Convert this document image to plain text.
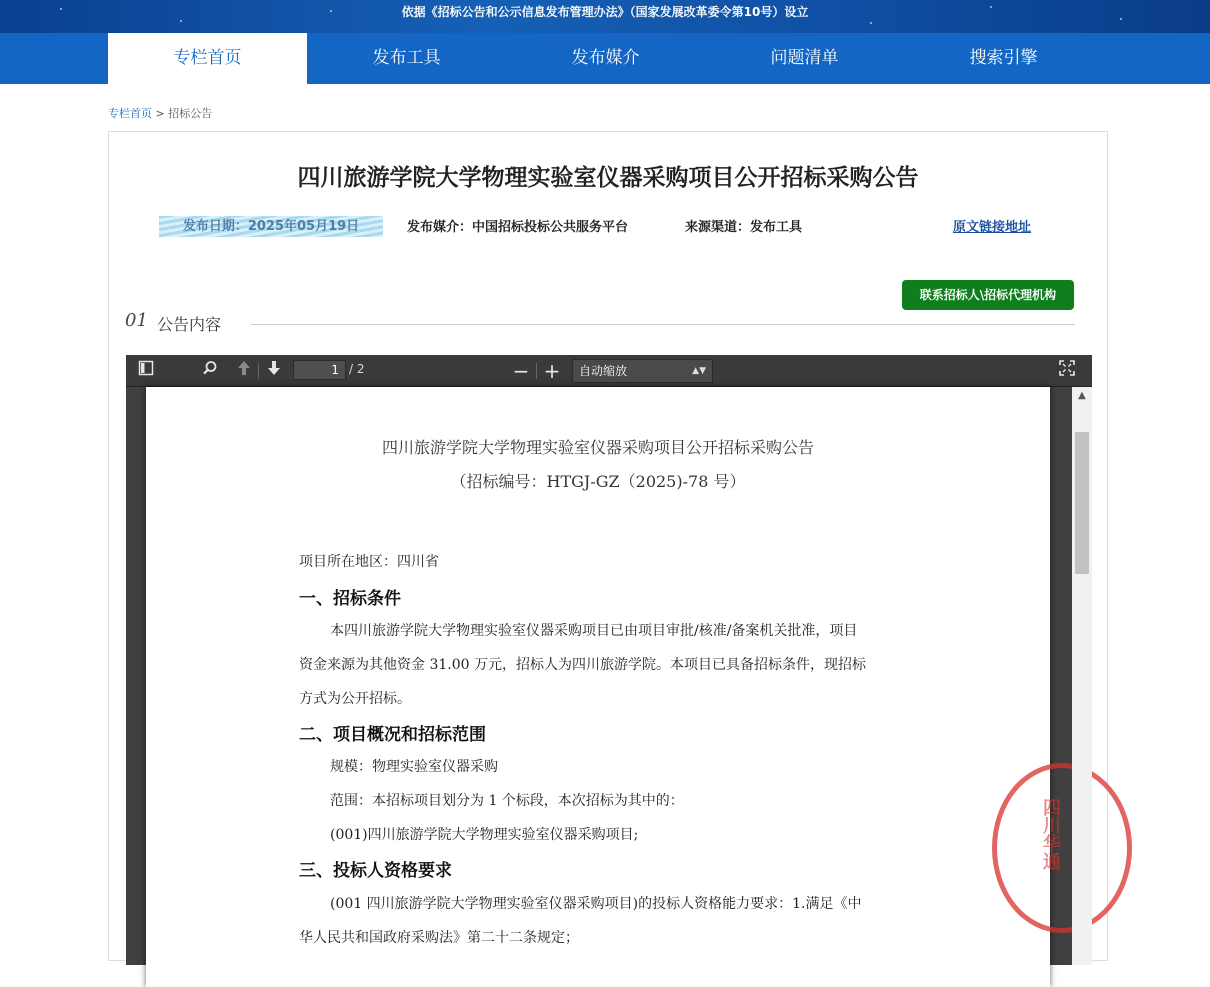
依据《招标公告和公示信息发布管理办法》（国家发展改革委令第10号）设立
专栏首页	发布工具	发布媒介	问题清单	搜索引擎
专栏首页 > 招标公告
四川旅游学院大学物理实验室仪器采购项目公开招标采购公告
发布日期：2025年05月19日	发布媒介：中国招标投标公共服务平台	来源渠道：发布工具	原文链接地址
联系招标人\招标代理机构
01 公告内容
1 / 2	− +	自动缩放	▲▼
四川旅游学院大学物理实验室仪器采购项目公开招标采购公告
（招标编号：HTGJ-GZ（2025)-78 号）
项目所在地区：四川省
一、招标条件
本四川旅游学院大学物理实验室仪器采购项目已由项目审批/核准/备案机关批准，项目
资金来源为其他资金 31.00 万元，招标人为四川旅游学院。本项目已具备招标条件，现招标
方式为公开招标。
二、项目概况和招标范围
规模：物理实验室仪器采购
范围：本招标项目划分为 1 个标段，本次招标为其中的：
(001)四川旅游学院大学物理实验室仪器采购项目;
三、投标人资格要求
(001 四川旅游学院大学物理实验室仪器采购项目)的投标人资格能力要求：1.满足《中
华人民共和国政府采购法》第二十二条规定；
四川华通
▲
